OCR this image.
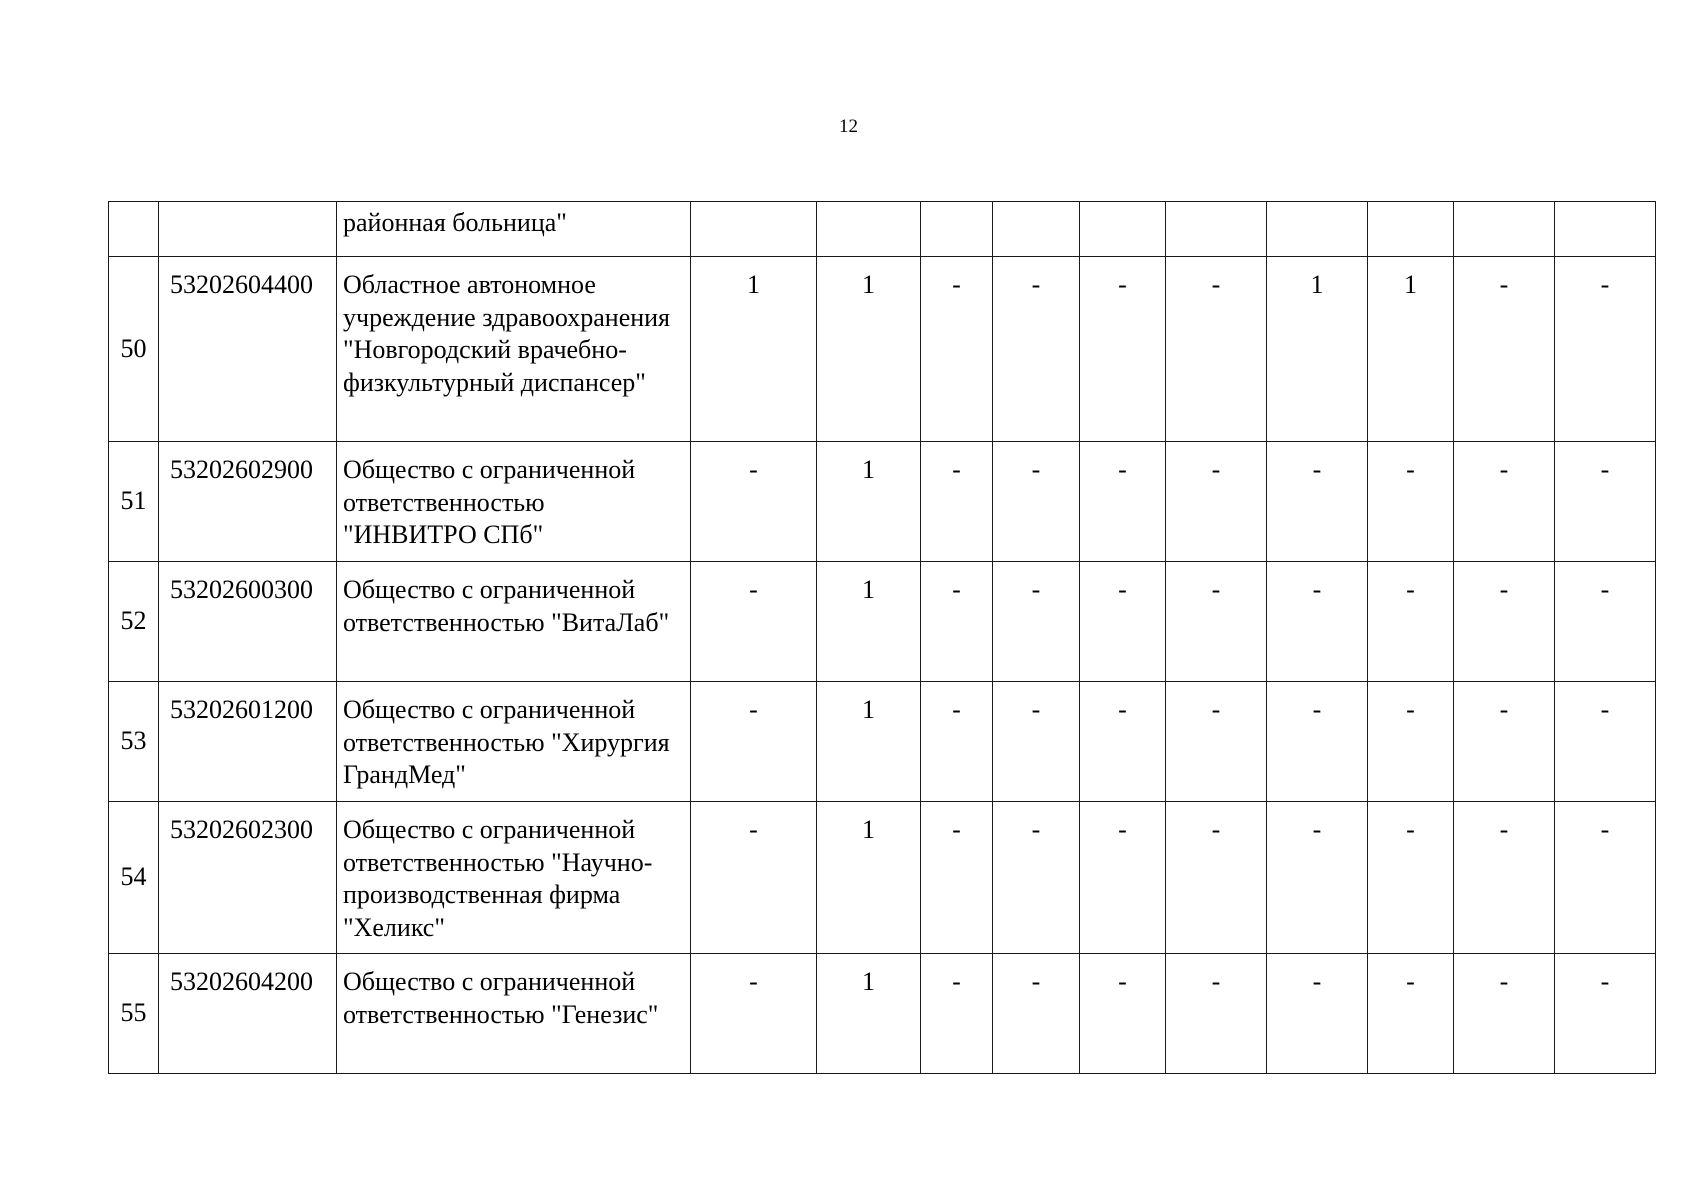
12
		районная больница"										
50	53202604400	Областное автономное учреждение здравоохранения "Новгородский врачебно-физкультурный диспансер"	1	1	-	-	-	-	1	1	-	-
51	53202602900	Общество с ограниченной ответственностью "ИНВИТРО СПб"	-	1	-	-	-	-	-	-	-	-
52	53202600300	Общество с ограниченной ответственностью "ВитаЛаб"	-	1	-	-	-	-	-	-	-	-
53	53202601200	Общество с ограниченной ответственностью "Хирургия ГрандМед"	-	1	-	-	-	-	-	-	-	-
54	53202602300	Общество с ограниченной ответственностью "Научно-производственная фирма "Хеликс"	-	1	-	-	-	-	-	-	-	-
55	53202604200	Общество с ограниченной ответственностью "Генезис"	-	1	-	-	-	-	-	-	-	-
